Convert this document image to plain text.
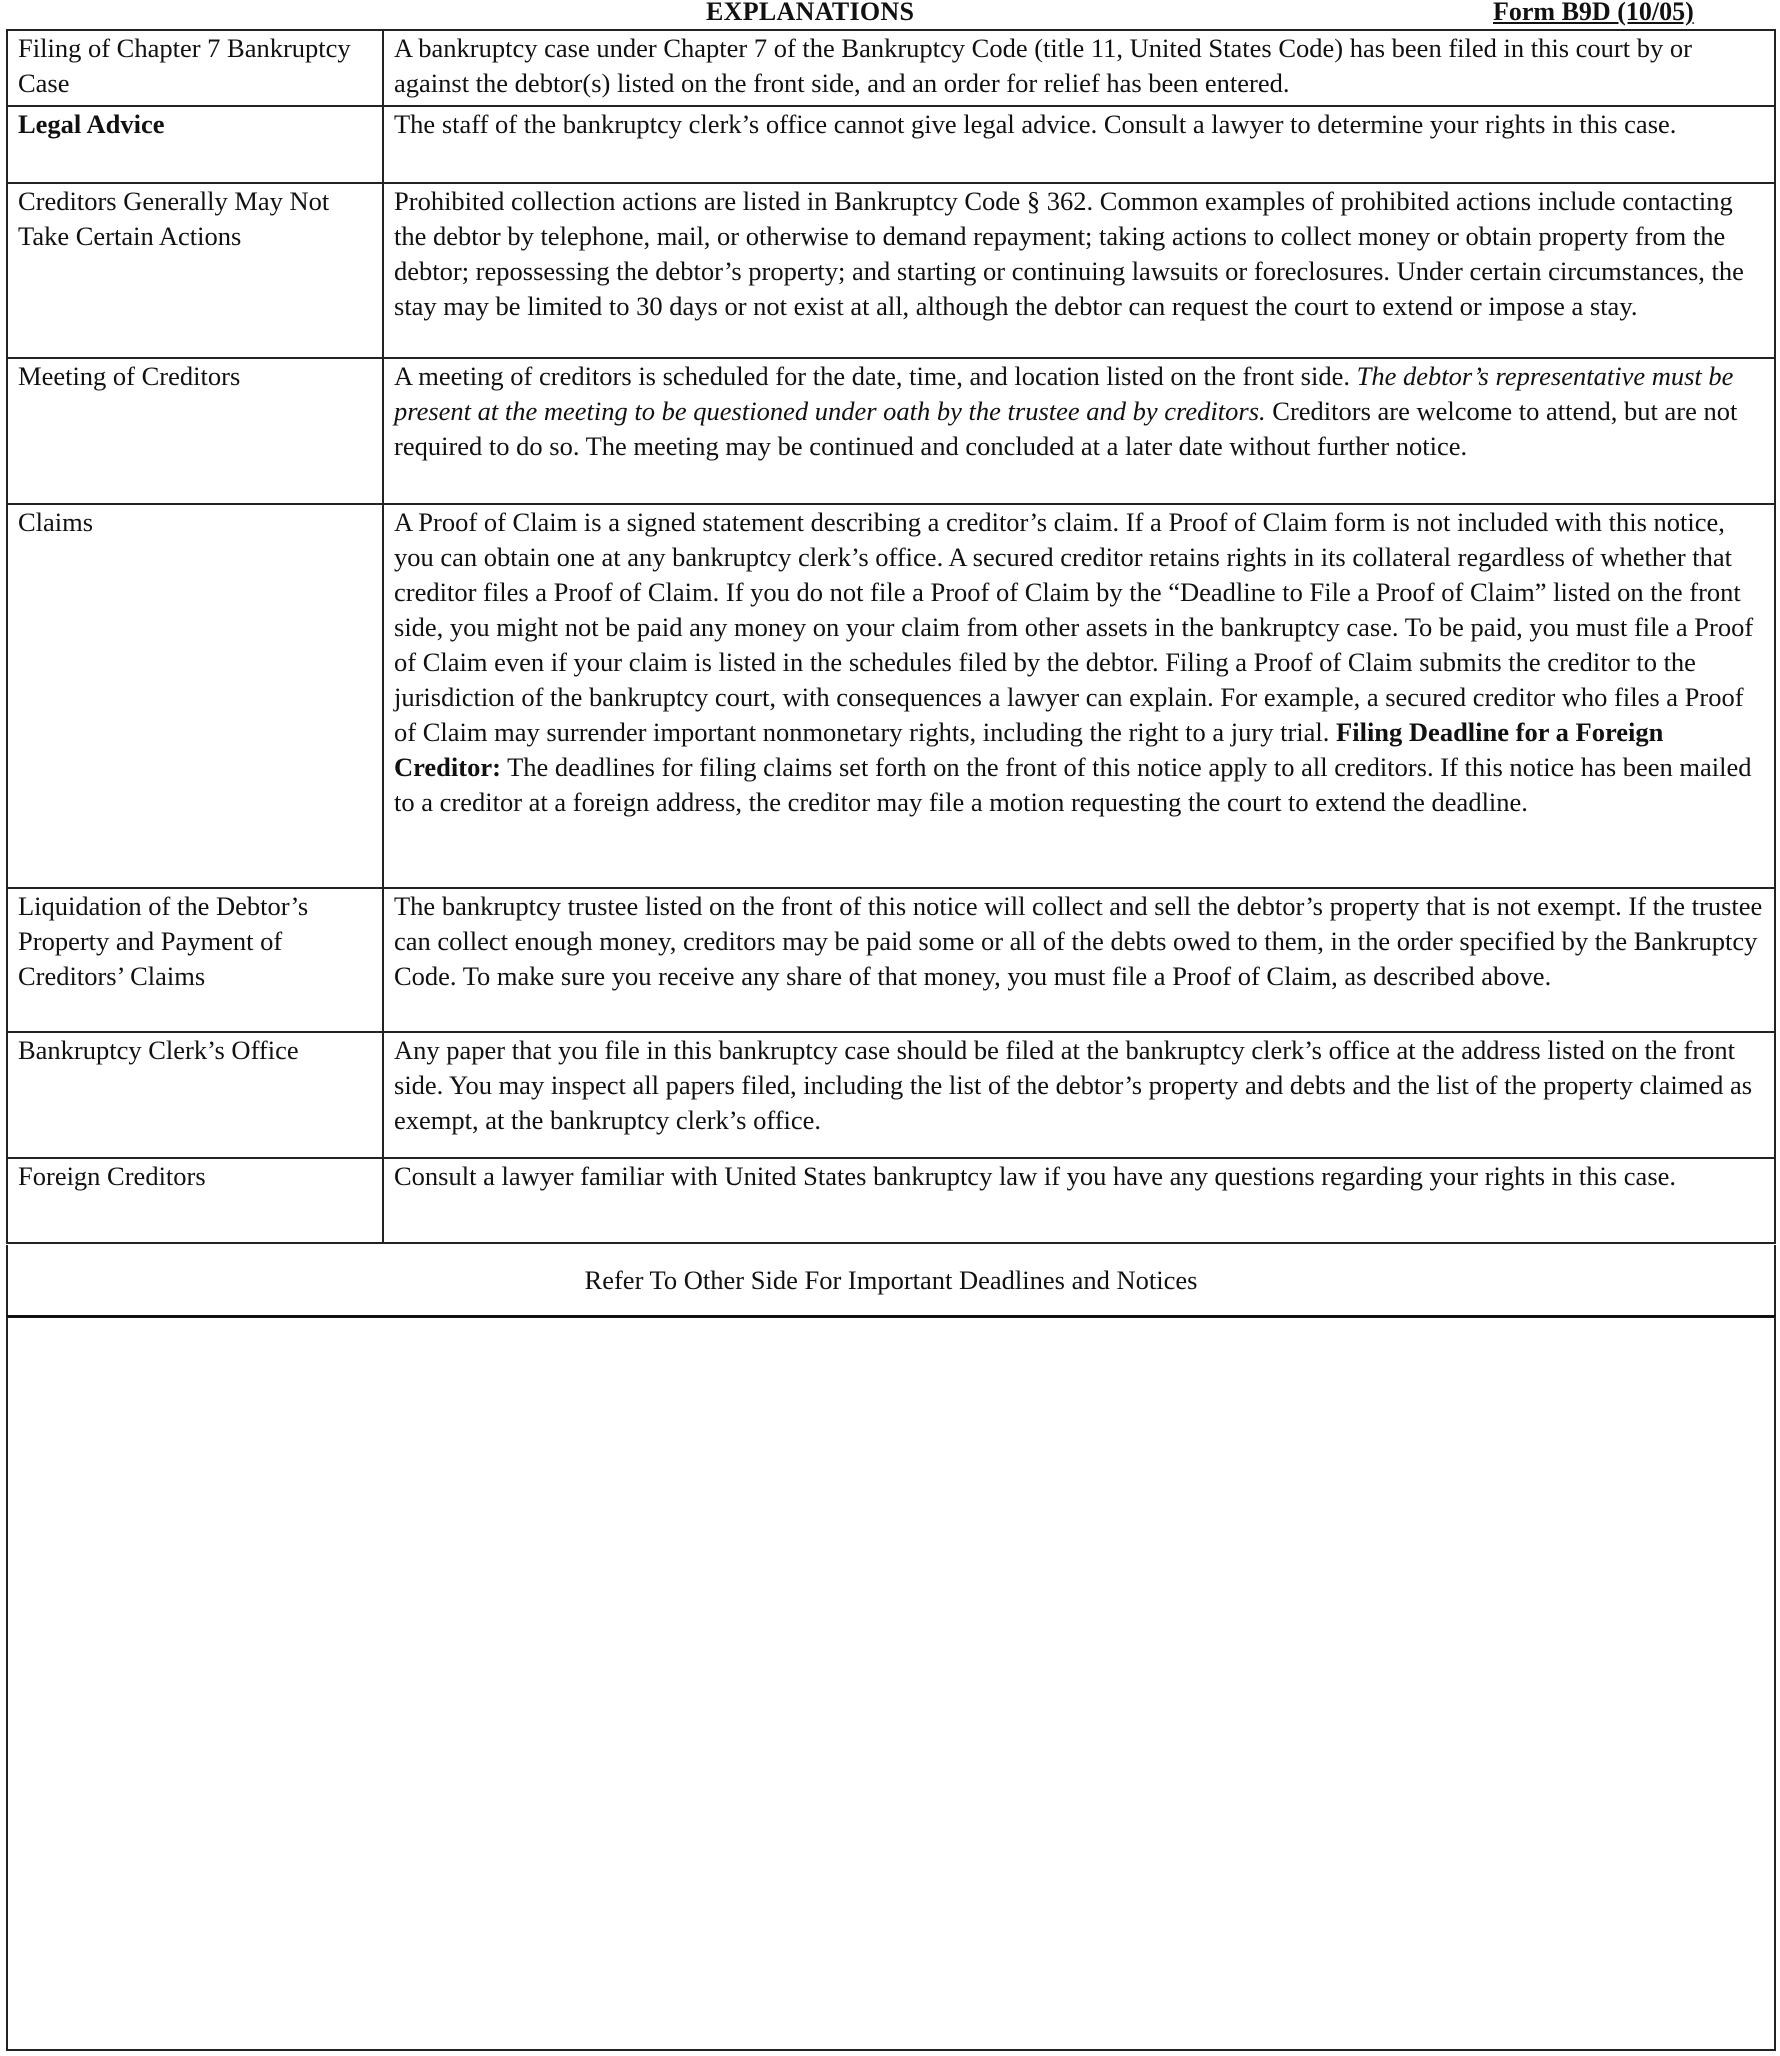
EXPLANATIONS	Form B9D (10/05)
Filing of Chapter 7 Bankruptcy Case	A bankruptcy case under Chapter 7 of the Bankruptcy Code (title 11, United States Code) has been filed in this court by or against the debtor(s) listed on the front side, and an order for relief has been entered.
Legal Advice	The staff of the bankruptcy clerk’s office cannot give legal advice. Consult a lawyer to determine your rights in this case.
Creditors Generally May Not Take Certain Actions	Prohibited collection actions are listed in Bankruptcy Code § 362. Common examples of prohibited actions include contacting the debtor by telephone, mail, or otherwise to demand repayment; taking actions to collect money or obtain property from the debtor; repossessing the debtor’s property; and starting or continuing lawsuits or foreclosures. Under certain circumstances, the stay may be limited to 30 days or not exist at all, although the debtor can request the court to extend or impose a stay.
Meeting of Creditors	A meeting of creditors is scheduled for the date, time, and location listed on the front side. The debtor’s representative must be present at the meeting to be questioned under oath by the trustee and by creditors. Creditors are welcome to attend, but are not required to do so. The meeting may be continued and concluded at a later date without further notice.
Claims	A Proof of Claim is a signed statement describing a creditor’s claim. If a Proof of Claim form is not included with this notice, you can obtain one at any bankruptcy clerk’s office. A secured creditor retains rights in its collateral regardless of whether that creditor files a Proof of Claim. If you do not file a Proof of Claim by the “Deadline to File a Proof of Claim” listed on the front side, you might not be paid any money on your claim from other assets in the bankruptcy case. To be paid, you must file a Proof of Claim even if your claim is listed in the schedules filed by the debtor. Filing a Proof of Claim submits the creditor to the jurisdiction of the bankruptcy court, with consequences a lawyer can explain. For example, a secured creditor who files a Proof of Claim may surrender important nonmonetary rights, including the right to a jury trial. Filing Deadline for a Foreign Creditor: The deadlines for filing claims set forth on the front of this notice apply to all creditors. If this notice has been mailed to a creditor at a foreign address, the creditor may file a motion requesting the court to extend the deadline.
Liquidation of the Debtor’s Property and Payment of Creditors’ Claims	The bankruptcy trustee listed on the front of this notice will collect and sell the debtor’s property that is not exempt. If the trustee can collect enough money, creditors may be paid some or all of the debts owed to them, in the order specified by the Bankruptcy Code. To make sure you receive any share of that money, you must file a Proof of Claim, as described above.
Bankruptcy Clerk’s Office	Any paper that you file in this bankruptcy case should be filed at the bankruptcy clerk’s office at the address listed on the front side. You may inspect all papers filed, including the list of the debtor’s property and debts and the list of the property claimed as exempt, at the bankruptcy clerk’s office.
Foreign Creditors	Consult a lawyer familiar with United States bankruptcy law if you have any questions regarding your rights in this case.
Refer To Other Side For Important Deadlines and Notices
